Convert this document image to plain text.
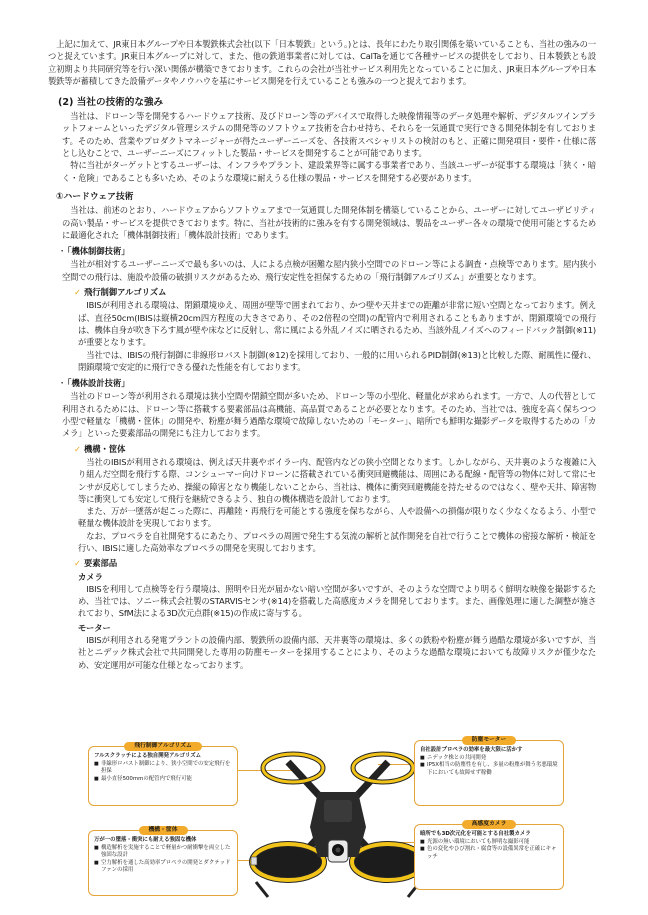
上記に加えて、JR東日本グループや日本製鉄株式会社(以下「日本製鉄」という。)とは、長年にわたり取引関係を築いていることも、当社の強みの一つと捉えています。JR東日本グループに対して、また、他の鉄道事業者に対しては、CalTaを通じて各種サービスの提供をしており、日本製鉄とも設立初期より共同研究等を行い深い関係が構築できております。これらの会社が当社サービス利用先となっていることに加え、JR東日本グループや日本製鉄等が蓄積してきた設備データやノウハウを基にサービス開発を行えていることも強みの一つと捉えております。

(2) 当社の技術的な強み

当社は、ドローン等を開発するハードウェア技術、及びドローン等のデバイスで取得した映像情報等のデータ処理や解析、デジタルツインプラットフォームといったデジタル管理システムの開発等のソフトウェア技術を合わせ持ち、それらを一気通貫で実行できる開発体制を有しております。そのため、営業やプロダクトマネージャーが得たユーザーニーズを、各技術スペシャリストの検討のもと、正確に開発項目・要件・仕様に落とし込むことで、ユーザーニーズにフィットした製品・サービスを開発することが可能であります。

特に当社がターゲットとするユーザーは、インフラやプラント、建設業界等に属する事業者であり、当該ユーザーが従事する環境は「狭く・暗く・危険」であることも多いため、そのような環境に耐えうる仕様の製品・サービスを開発する必要があります。

①ハードウェア技術

当社は、前述のとおり、ハードウェアからソフトウェアまで一気通貫した開発体制を構築していることから、ユーザーに対してユーザビリティの高い製品・サービスを提供できております。特に、当社が技術的に強みを有する開発領域は、製品をユーザー各々の環境で使用可能とするために最適化された「機体制御技術」「機体設計技術」であります。

・「機体制御技術」

当社が相対するユーザーニーズで最も多いのは、人による点検が困難な屋内狭小空間でのドローン等による調査・点検等であります。屋内狭小空間での飛行は、施設や設備の破損リスクがあるため、飛行安定性を担保するための「飛行制御アルゴリズム」が重要となります。

✓ 飛行制御アルゴリズム

IBISが利用される環境は、閉鎖環境ゆえ、周囲が壁等で囲まれており、かつ壁や天井までの距離が非常に短い空間となっております。例えば、直径50cm(IBISは縦横20cm四方程度の大きさであり、その2倍程の空間)の配管内で利用されることもありますが、閉鎖環境での飛行は、機体自身が吹き下ろす風が壁や床などに反射し、常に風による外乱ノイズに晒されるため、当該外乱ノイズへのフィードバック制御(※11)が重要となります。

当社では、IBISの飛行制御に非線形ロバスト制御(※12)を採用しており、一般的に用いられるPID制御(※13)と比較した際、耐風性に優れ、閉鎖環境で安定的に飛行できる優れた性能を有しております。

・「機体設計技術」

当社のドローン等が利用される環境は狭小空間や閉鎖空間が多いため、ドローン等の小型化、軽量化が求められます。一方で、人の代替として利用されるためには、ドローン等に搭載する要素部品は高機能、高品質であることが必要となります。そのため、当社では、強度を高く保ちつつ小型で軽量な「機構・筐体」の開発や、粉塵が舞う過酷な環境で故障しないための「モーター」、暗所でも鮮明な撮影データを取得するための「カメラ」といった要素部品の開発にも注力しております。

✓ 機構・筐体

当社のIBISが利用される環境は、例えば天井裏やボイラー内、配管内などの狭小空間となります。しかしながら、天井裏のような複雑に入り組んだ空間を飛行する際、コンシューマー向けドローンに搭載されている衝突回避機能は、周囲にある配線・配管等の物体に対して常にセンサが反応してしまうため、操縦の障害となり機能しないことから、当社は、機体に衝突回避機能を持たせるのではなく、壁や天井、障害物等に衝突しても安定して飛行を継続できるよう、独自の機体構造を設計しております。

また、万が一墜落が起こった際に、再離陸・再飛行を可能とする強度を保ちながら、人や設備への損傷が限りなく少なくなるよう、小型で軽量な機体設計を実現しております。

なお、プロペラを自社開発するにあたり、プロペラの周囲で発生する気流の解析と試作開発を自社で行うことで機体の密接な解析・検証を行い、IBISに適した高効率なプロペラの開発を実現しております。

✓ 要素部品
カメラ

IBISを利用して点検等を行う環境は、照明や日光が届かない暗い空間が多いですが、そのような空間でより明るく鮮明な映像を撮影するため、当社では、ソニー株式会社製のSTARVISセンサ(※14)を搭載した高感度カメラを開発しております。また、画像処理に適した調整が施されており、SfM法による3D次元点群(※15)の作成に寄与する。

モーター

IBISが利用される発電プラントの設備内部、製鉄所の設備内部、天井裏等の環境は、多くの鉄粉や粉塵が舞う過酷な環境が多いですが、当社とニデック株式会社で共同開発した専用の防塵モーターを採用することにより、そのような過酷な環境においても故障リスクが僅少なため、安定運用が可能な仕様となっております。

飛行制御アルゴリズム
フルスクラッチによる独自開発アルゴリズム
■ 非線形ロバスト制御により、狭小空間での安定飛行を担保
■ 最小直径500mmの配管内で飛行可能
機構・筐体
万が一の墜落・衝突にも耐える強固な機体
■ 構造解析を実施することで軽量かつ耐衝撃を両立した強固な設計
■ 空力解析を通した高効率プロペラの開発とダクテッドファンの採用
防塵モーター
自社設計プロペラの効率を最大限に活かす
■ ニデック株との共同開発
■ IP5X相当の防塵性を有し、多量の粉塵が舞う劣悪環境下においても故障せず稼働
高感度カメラ
暗所でも3D次元化を可能とする自社製カメラ
■ 光源の無い環境においても鮮明な撮影可能
■ 色の変化やひび割れ・腐食等の設備異常を正確にキャッチ
